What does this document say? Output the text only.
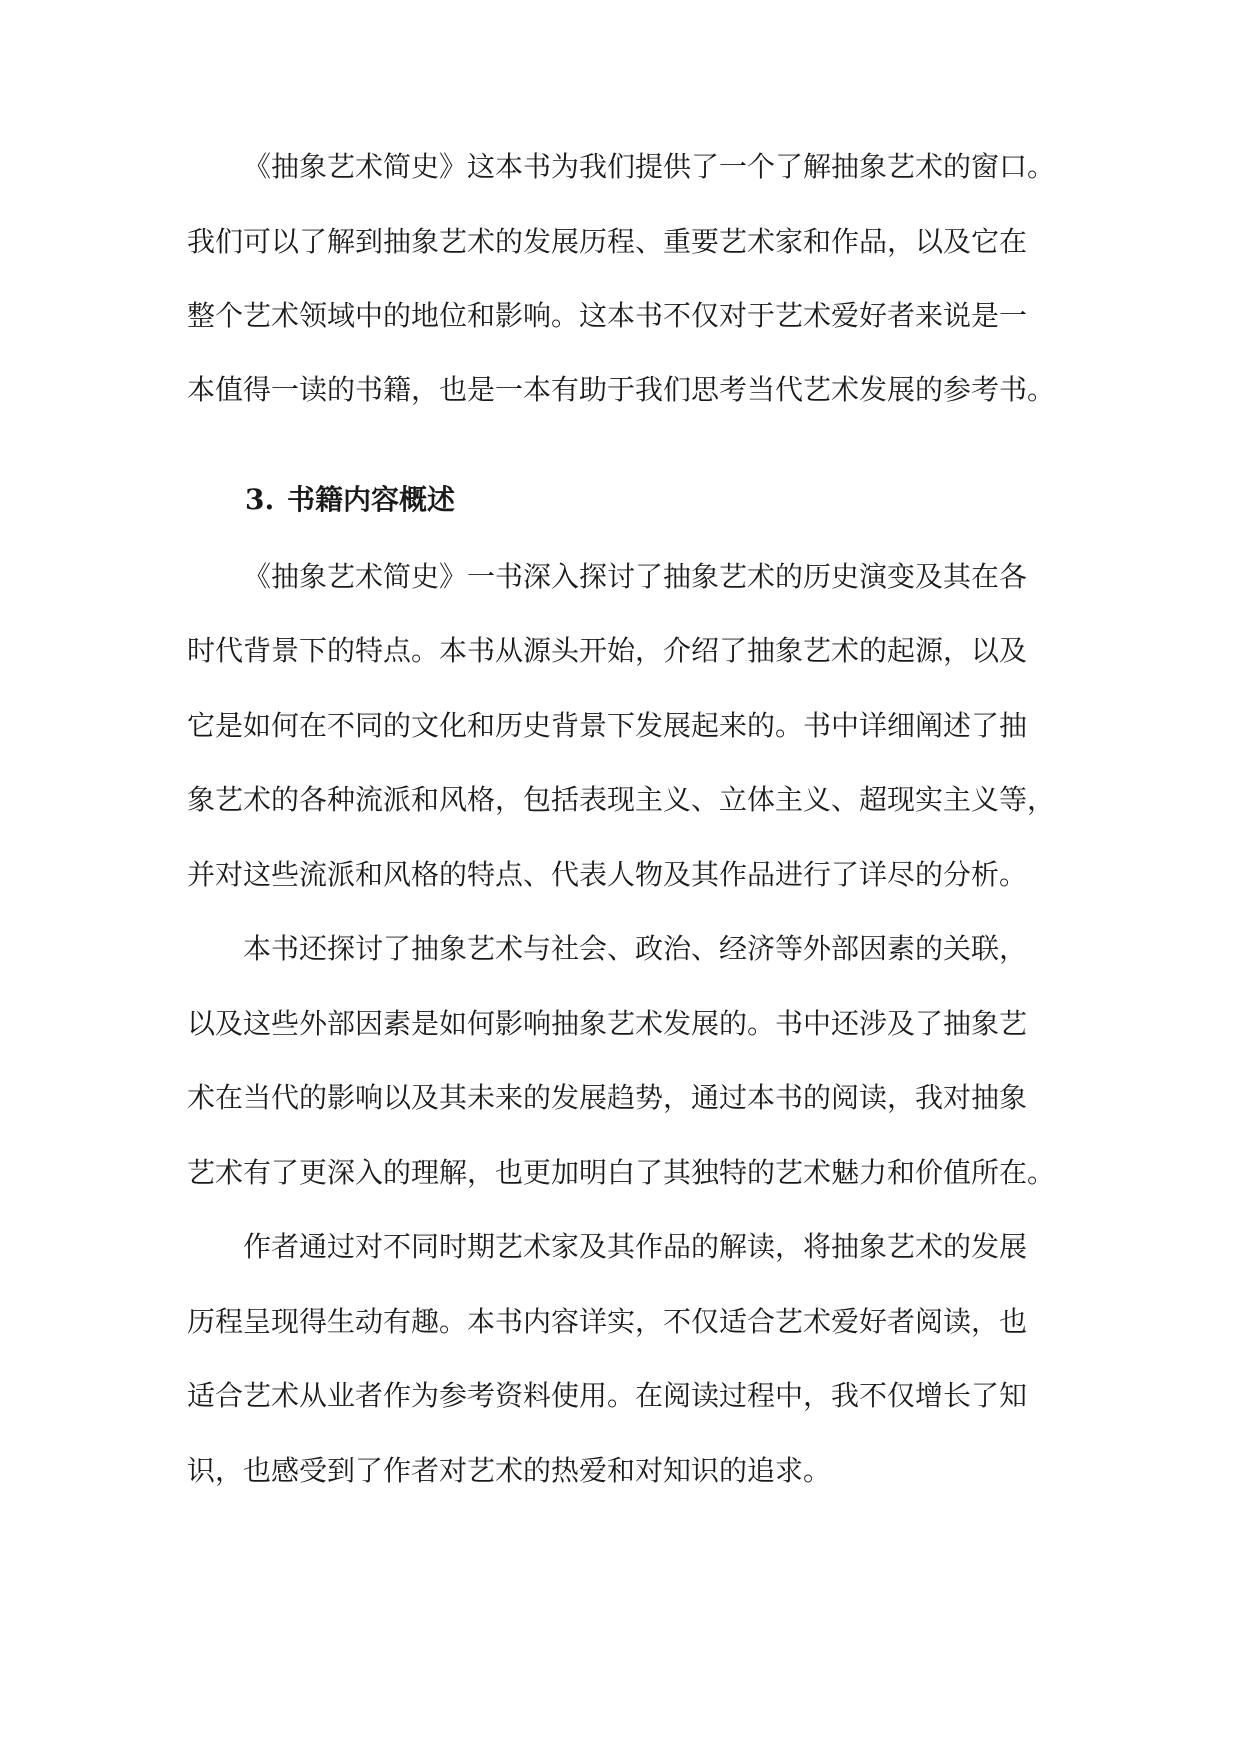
《抽象艺术简史》这本书为我们提供了一个了解抽象艺术的窗口。

我们可以了解到抽象艺术的发展历程、重要艺术家和作品，以及它在

整个艺术领域中的地位和影响。这本书不仅对于艺术爱好者来说是一

本值得一读的书籍，也是一本有助于我们思考当代艺术发展的参考书。

3. 书籍内容概述

《抽象艺术简史》一书深入探讨了抽象艺术的历史演变及其在各

时代背景下的特点。本书从源头开始，介绍了抽象艺术的起源，以及

它是如何在不同的文化和历史背景下发展起来的。书中详细阐述了抽

象艺术的各种流派和风格，包括表现主义、立体主义、超现实主义等，

并对这些流派和风格的特点、代表人物及其作品进行了详尽的分析。

本书还探讨了抽象艺术与社会、政治、经济等外部因素的关联，

以及这些外部因素是如何影响抽象艺术发展的。书中还涉及了抽象艺

术在当代的影响以及其未来的发展趋势，通过本书的阅读，我对抽象

艺术有了更深入的理解，也更加明白了其独特的艺术魅力和价值所在。

作者通过对不同时期艺术家及其作品的解读，将抽象艺术的发展

历程呈现得生动有趣。本书内容详实，不仅适合艺术爱好者阅读，也

适合艺术从业者作为参考资料使用。在阅读过程中，我不仅增长了知

识，也感受到了作者对艺术的热爱和对知识的追求。
